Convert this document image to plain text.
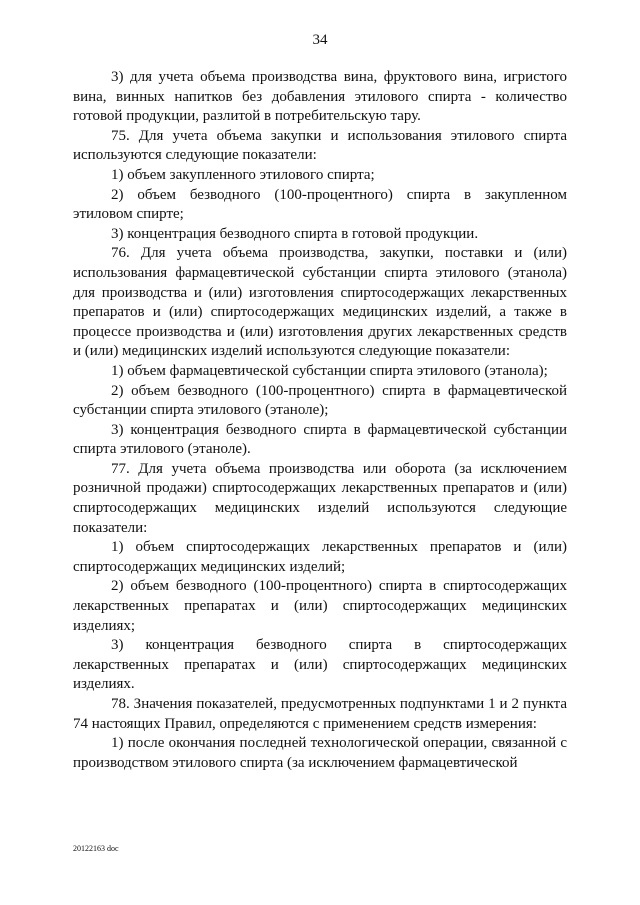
34

3) для учета объема производства вина, фруктового вина, игристого вина, винных напитков без добавления этилового спирта - количество готовой продукции, разлитой в потребительскую тару.

75. Для учета объема закупки и использования этилового спирта используются следующие показатели:

1) объем закупленного этилового спирта;

2) объем безводного (100-процентного) спирта в закупленном этиловом спирте;

3) концентрация безводного спирта в готовой продукции.

76. Для учета объема производства, закупки, поставки и (или) использования фармацевтической субстанции спирта этилового (этанола) для производства и (или) изготовления спиртосодержащих лекарственных препаратов и (или) спиртосодержащих медицинских изделий, а также в процессе производства и (или) изготовления других лекарственных средств и (или) медицинских изделий используются следующие показатели:

1) объем фармацевтической субстанции спирта этилового (этанола);

2) объем безводного (100-процентного) спирта в фармацевтической субстанции спирта этилового (этаноле);

3) концентрация безводного спирта в фармацевтической субстанции спирта этилового (этаноле).

77. Для учета объема производства или оборота (за исключением розничной продажи) спиртосодержащих лекарственных препаратов и (или) спиртосодержащих медицинских изделий используются следующие показатели:

1) объем спиртосодержащих лекарственных препаратов и (или) спиртосодержащих медицинских изделий;

2) объем безводного (100-процентного) спирта в спиртосодержащих лекарственных препаратах и (или) спиртосодержащих медицинских изделиях;

3) концентрация безводного спирта в спиртосодержащих лекарственных препаратах и (или) спиртосодержащих медицинских изделиях.

78. Значения показателей, предусмотренных подпунктами 1 и 2 пункта 74 настоящих Правил, определяются с применением средств измерения:

1) после окончания последней технологической операции, связанной с производством этилового спирта (за исключением фармацевтической

20122163 doc
